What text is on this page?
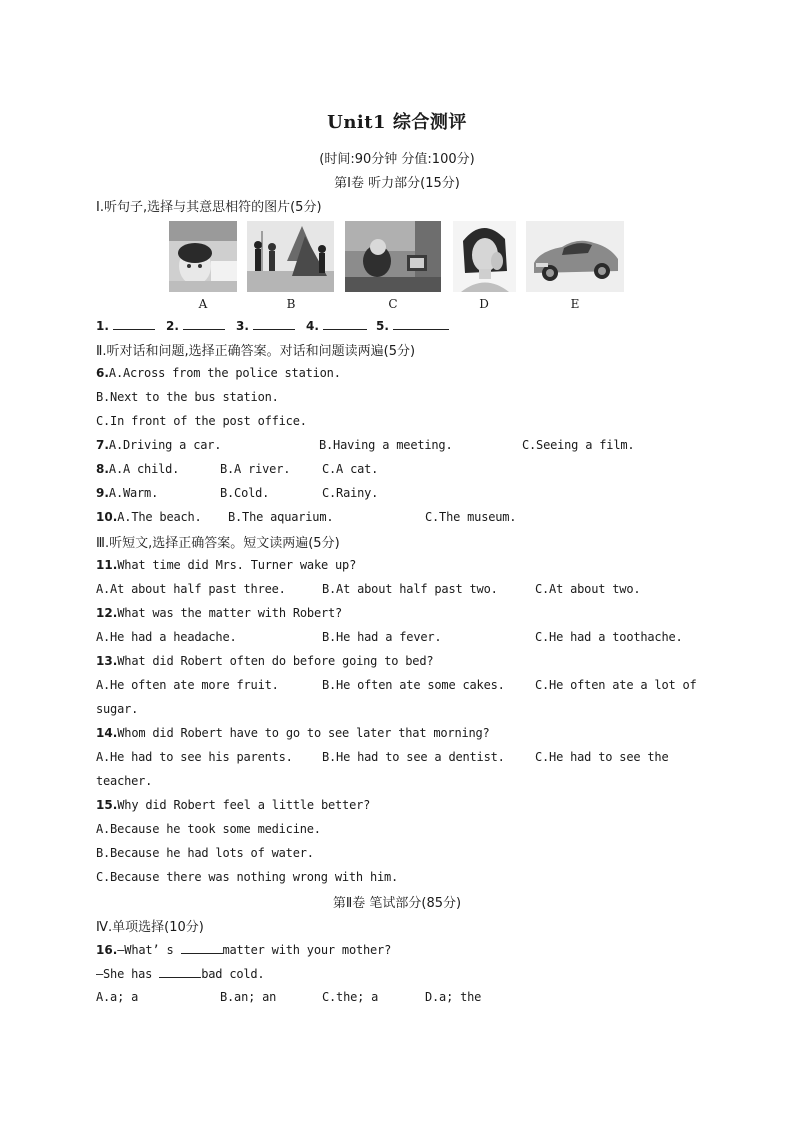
Unit1 综合测评
(时间:90分钟 分值:100分)
第Ⅰ卷 听力部分(15分)
Ⅰ.听句子,选择与其意思相符的图片(5分)
A	B	C	D	E
1.	2.	3.	4.	5.
Ⅱ.听对话和问题,选择正确答案。对话和问题读两遍(5分)
6.A.Across from the police station.
B.Next to the bus station.
C.In front of the post office.
7.A.Driving a car.	B.Having a meeting.	C.Seeing a film.
8.A.A child.	B.A river.	C.A cat.
9.A.Warm.	B.Cold.	C.Rainy.
10.A.The beach. B.The aquarium.	C.The museum.
Ⅲ.听短文,选择正确答案。短文读两遍(5分)
11.What time did Mrs. Turner wake up?
A.At about half past three.	B.At about half past two.	C.At about two.
12.What was the matter with Robert?
A.He had a headache.	B.He had a fever.	C.He had a toothache.
13.What did Robert often do before going to bed?
A.He often ate more fruit.	B.He often ate some cakes.	C.He often ate a lot of
sugar.
14.Whom did Robert have to go to see later that morning?
A.He had to see his parents. B.He had to see a dentist.	C.He had to see the
teacher.
15.Why did Robert feel a little better?
A.Because he took some medicine.
B.Because he had lots of water.
C.Because there was nothing wrong with him.
第Ⅱ卷 笔试部分(85分)
Ⅳ.单项选择(10分)
16.—What’ s	matter with your mother?
—She has	bad cold.
A.a; a	B.an; an	C.the; a	D.a; the
